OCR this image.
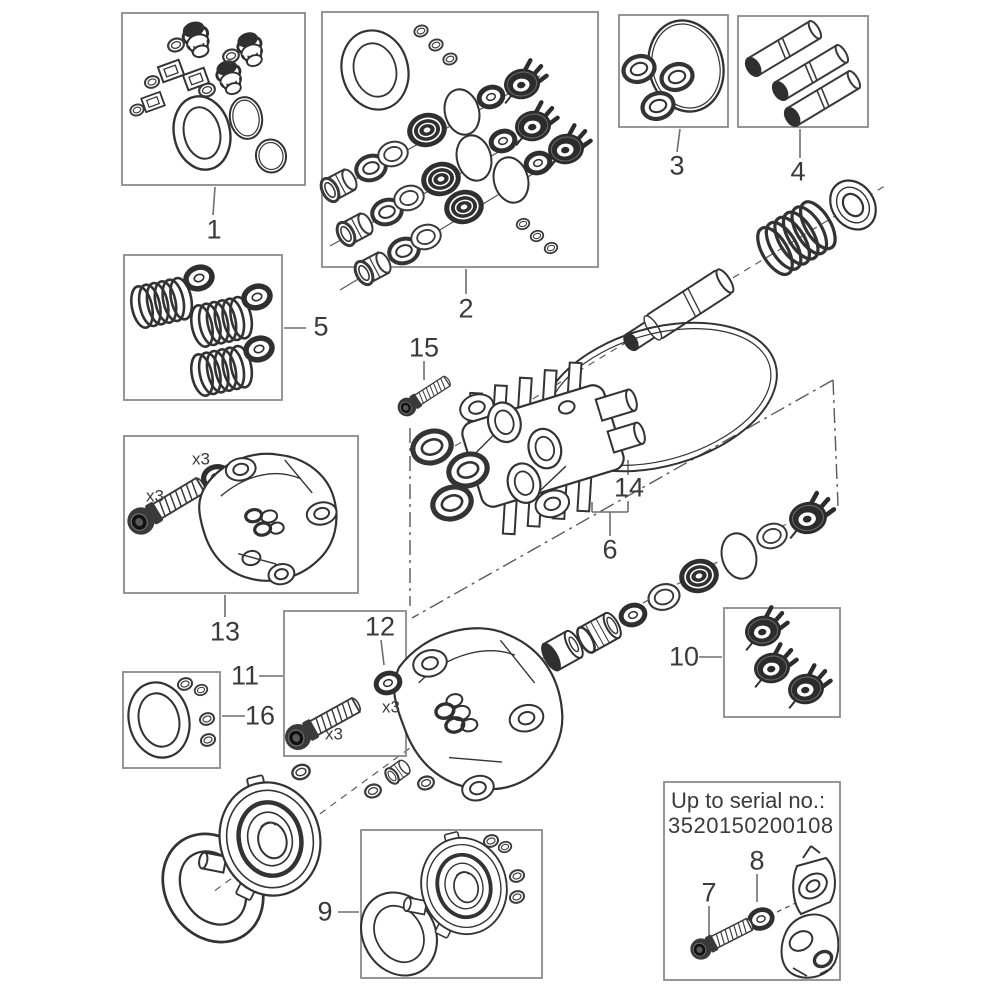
1
2
3	4
5
6
7
8
9
10
11
12
13
14
15
16
x3
x3
x3
x3
Up to serial no.:
3520150200108
